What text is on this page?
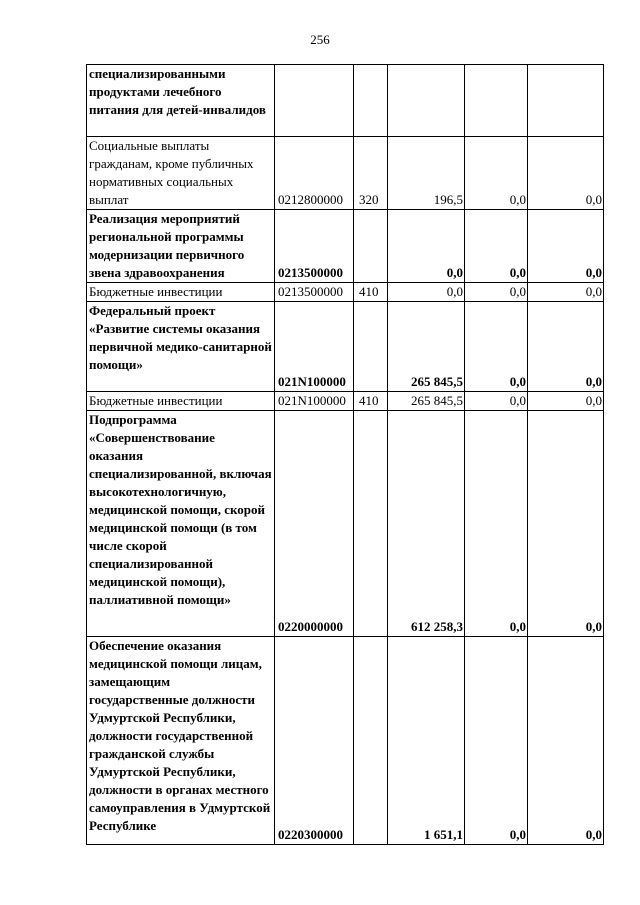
256
специализированными продуктами лечебного питания для детей-инвалидов					
Социальные выплаты гражданам, кроме публичных нормативных социальных выплат	0212800000	320	196,5	0,0	0,0
Реализация мероприятий региональной программы модернизации первичного звена здравоохранения	0213500000		0,0	0,0	0,0
Бюджетные инвестиции	0213500000	410	0,0	0,0	0,0
Федеральный проект «Развитие системы оказания первичной медико-санитарной помощи»	021N100000		265 845,5	0,0	0,0
Бюджетные инвестиции	021N100000	410	265 845,5	0,0	0,0
Подпрограмма «Совершенствование оказания специализированной, включая высокотехнологичную, медицинской помощи, скорой медицинской помощи (в том числе скорой специализированной медицинской помощи), паллиативной помощи»	0220000000		612 258,3	0,0	0,0
Обеспечение оказания медицинской помощи лицам, замещающим государственные должности Удмуртской Республики, должности государственной гражданской службы Удмуртской Республики, должности в органах местного самоуправления в Удмуртской Республике	0220300000		1 651,1	0,0	0,0
